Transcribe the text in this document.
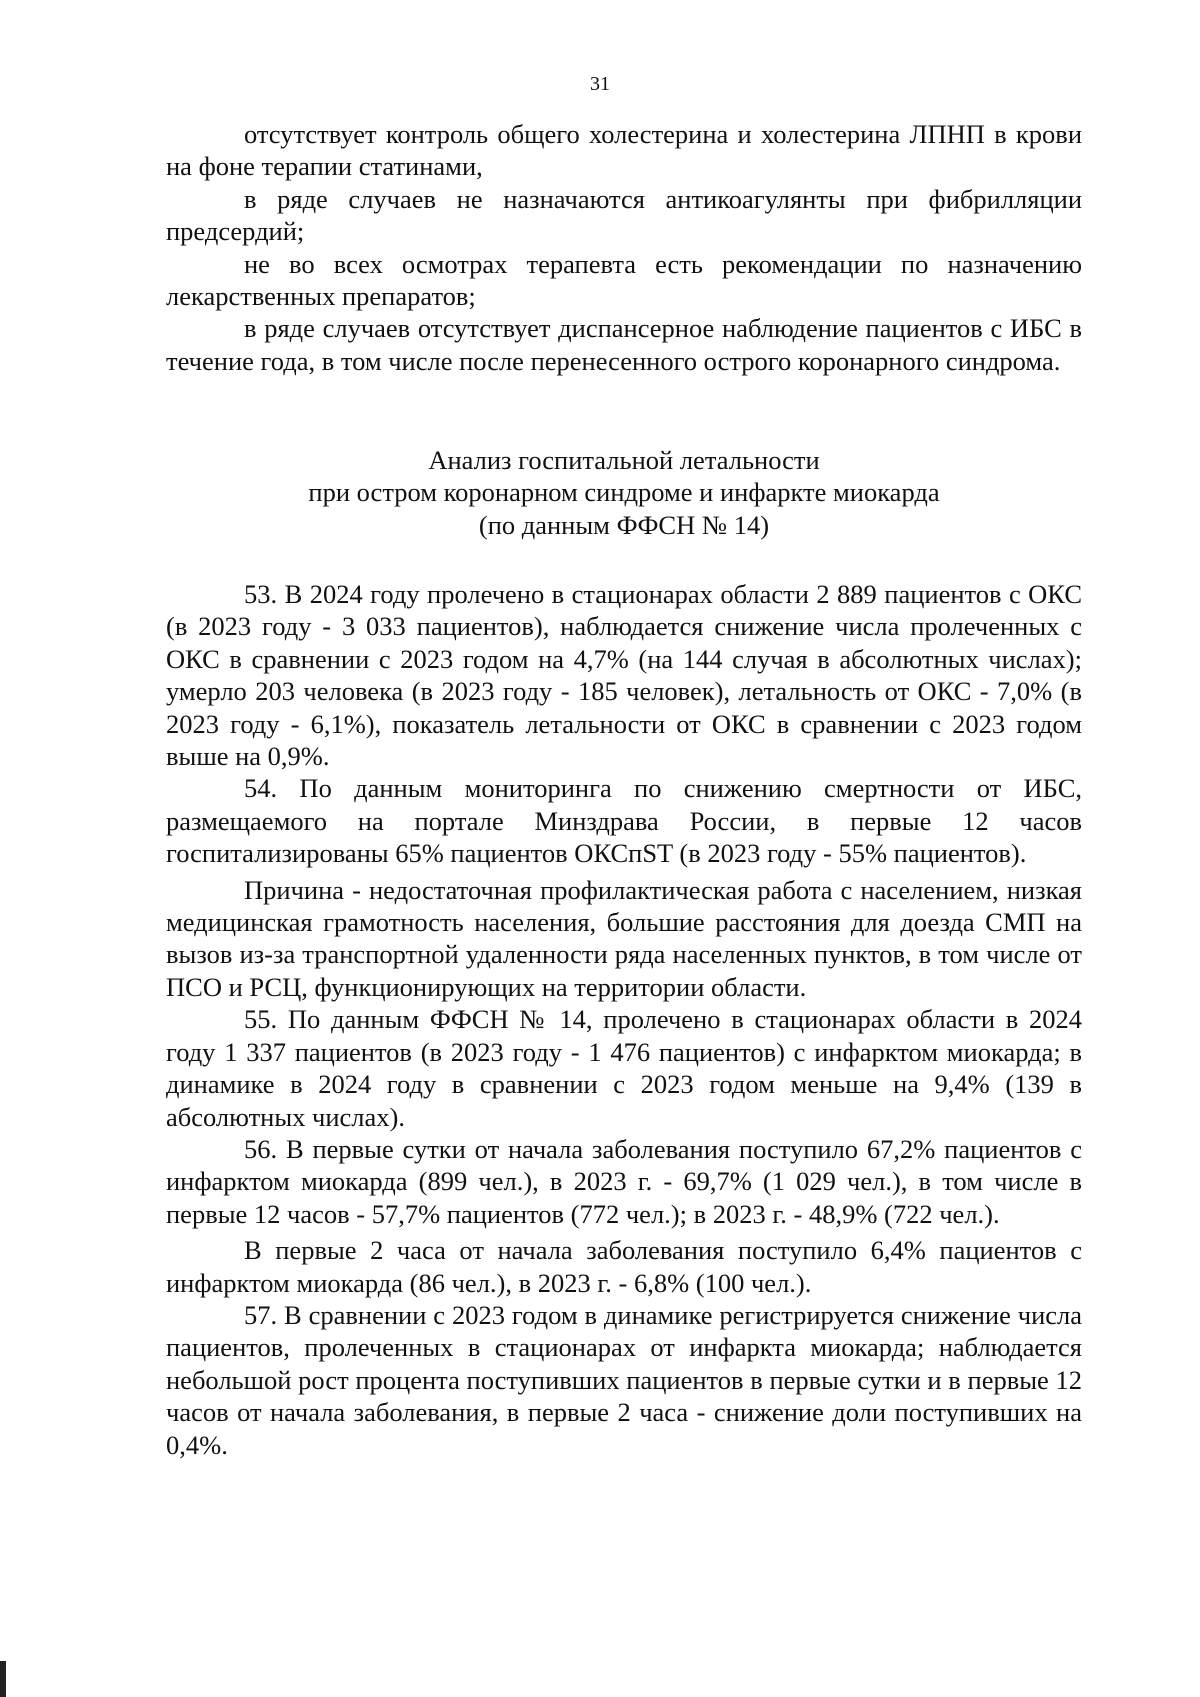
31

отсутствует контроль общего холестерина и холестерина ЛПНП в крови на фоне терапии статинами,

в ряде случаев не назначаются антикоагулянты при фибрилляции предсердий;

не во всех осмотрах терапевта есть рекомендации по назначению лекарственных препаратов;

в ряде случаев отсутствует диспансерное наблюдение пациентов с ИБС в течение года, в том числе после перенесенного острого коронарного синдрома.

Анализ госпитальной летальности
при остром коронарном синдроме и инфаркте миокарда
(по данным ФФСН № 14)

53. В 2024 году пролечено в стационарах области 2 889 пациентов с ОКС (в 2023 году - 3 033 пациентов), наблюдается снижение числа пролеченных с ОКС в сравнении с 2023 годом на 4,7% (на 144 случая в абсолютных числах); умерло 203 человека (в 2023 году - 185 человек), летальность от ОКС - 7,0% (в 2023 году - 6,1%), показатель летальности от ОКС в сравнении с 2023 годом выше на 0,9%.

54. По данным мониторинга по снижению смертности от ИБС, размещаемого на портале Минздрава России, в первые 12 часов госпитализированы 65% пациентов ОКСпST (в 2023 году - 55% пациентов).

Причина - недостаточная профилактическая работа с населением, низкая медицинская грамотность населения, большие расстояния для доезда СМП на вызов из-за транспортной удаленности ряда населенных пунктов, в том числе от ПСО и РСЦ, функционирующих на территории области.

55. По данным ФФСН № 14, пролечено в стационарах области в 2024 году 1 337 пациентов (в 2023 году - 1 476 пациентов) с инфарктом миокарда; в динамике в 2024 году в сравнении с 2023 годом меньше на 9,4% (139 в абсолютных числах).

56. В первые сутки от начала заболевания поступило 67,2% пациентов с инфарктом миокарда (899 чел.), в 2023 г. - 69,7% (1 029 чел.), в том числе в первые 12 часов - 57,7% пациентов (772 чел.); в 2023 г. - 48,9% (722 чел.).

В первые 2 часа от начала заболевания поступило 6,4% пациентов с инфарктом миокарда (86 чел.), в 2023 г. - 6,8% (100 чел.).

57. В сравнении с 2023 годом в динамике регистрируется снижение числа пациентов, пролеченных в стационарах от инфаркта миокарда; наблюдается небольшой рост процента поступивших пациентов в первые сутки и в первые 12 часов от начала заболевания, в первые 2 часа - снижение доли поступивших на 0,4%.
